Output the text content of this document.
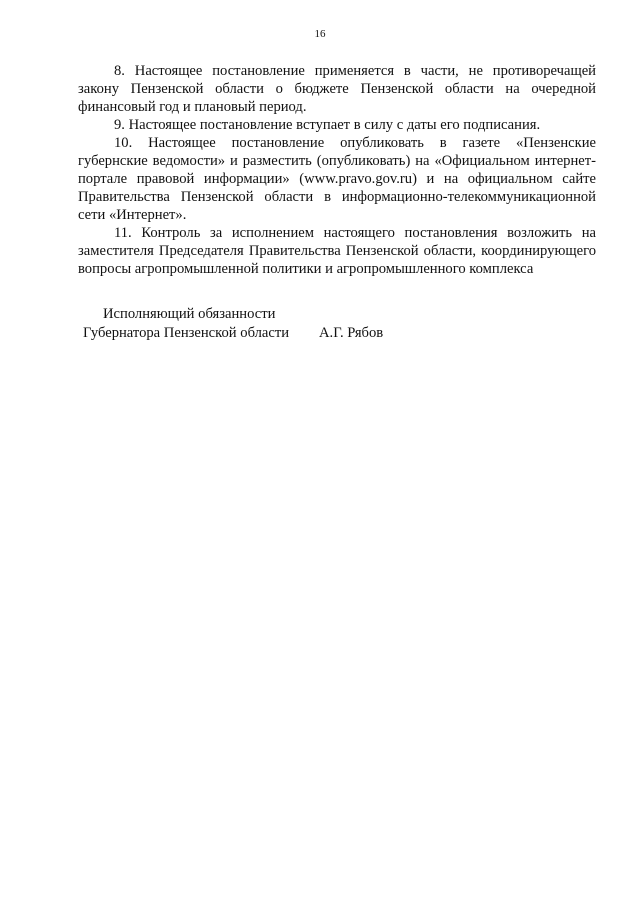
16

8. Настоящее постановление применяется в части, не противоречащей закону Пензенской области о бюджете Пензенской области на очередной финансовый год и плановый период.

9. Настоящее постановление вступает в силу с даты его подписания.

10. Настоящее постановление опубликовать в газете «Пензенские губернские ведомости» и разместить (опубликовать) на «Официальном интернет-портале правовой информации» (www.pravo.gov.ru) и на официальном сайте Правительства Пензенской области в информационно-телекоммуникационной сети «Интернет».

11. Контроль за исполнением настоящего постановления возложить на заместителя Председателя Правительства Пензенской области, координирующего вопросы агропромышленной политики и агропромышленного комплекса

Исполняющий обязанности
Губернатора Пензенской области	А.Г. Рябов
